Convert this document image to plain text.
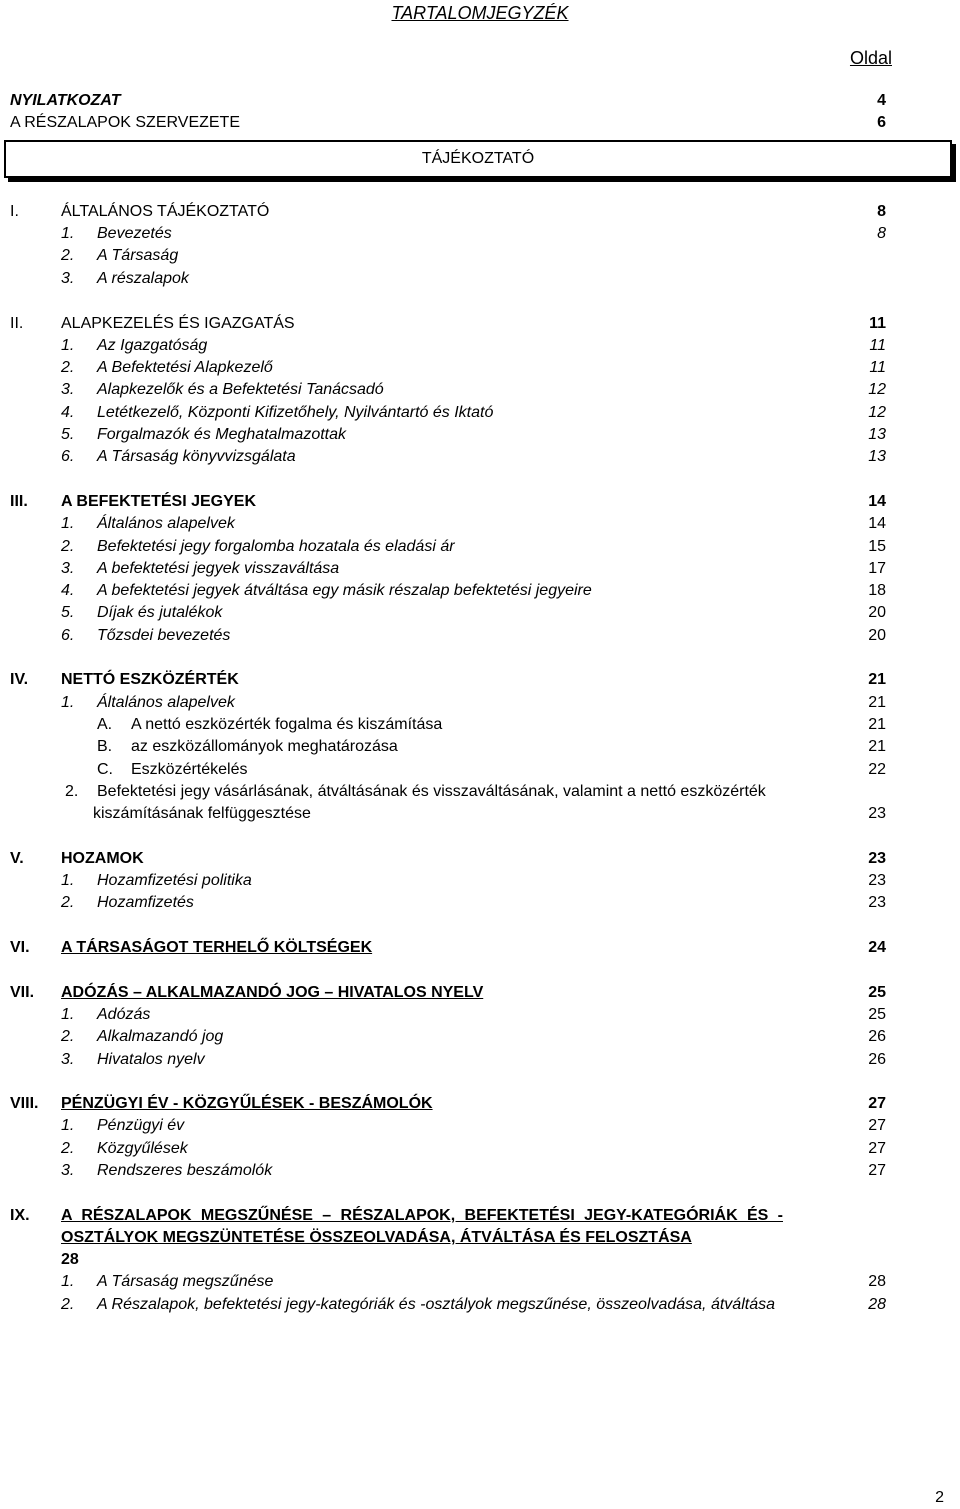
TARTALOMJEGYZÉK
Oldal
NYILATKOZAT	4
A RÉSZALAPOK SZERVEZETE	6
TÁJÉKOZTATÓ
I.	ÁLTALÁNOS TÁJÉKOZTATÓ	8
1. Bevezetés	8
2. A Társaság
3. A részalapok
II. ALAPKEZELÉS ÉS IGAZGATÁS	11
1. Az Igazgatóság	11
2. A Befektetési Alapkezelő	11
3. Alapkezelők és a Befektetési Tanácsadó	12
4. Letétkezelő, Központi Kifizetőhely, Nyilvántartó és Iktató	12
5. Forgalmazók és Meghatalmazottak	13
6. A Társaság könyvvizsgálata	13
III. A BEFEKTETÉSI JEGYEK	14
1. Általános alapelvek	14
2. Befektetési jegy forgalomba hozatala és eladási ár	15
3. A befektetési jegyek visszaváltása	17
4. A befektetési jegyek átváltása egy másik részalap befektetési jegyeire	18
5. Díjak és jutalékok	20
6. Tőzsdei bevezetés	20
IV. NETTÓ ESZKÖZÉRTÉK	21
1. Általános alapelvek	21
A. A nettó eszközérték fogalma és kiszámítása	21
B. az eszközállományok meghatározása	21
C. Eszközértékelés	22
2. Befektetési jegy vásárlásának, átváltásának és visszaváltásának, valamint a nettó eszközérték
kiszámításának felfüggesztése	23
V. HOZAMOK	23
1. Hozamfizetési politika	23
2. Hozamfizetés	23
VI. A TÁRSASÁGOT TERHELŐ KÖLTSÉGEK	24
VII. ADÓZÁS – ALKALMAZANDÓ JOG – HIVATALOS NYELV	25
1. Adózás	25
2. Alkalmazandó jog	26
3. Hivatalos nyelv	26
VIII. PÉNZÜGYI ÉV - KÖZGYŰLÉSEK - BESZÁMOLÓK	27
1. Pénzügyi év	27
2. Közgyűlések	27
3. Rendszeres beszámolók	27
IX. A RÉSZALAPOK MEGSZŰNÉSE – RÉSZALAPOK, BEFEKTETÉSI JEGY-KATEGÓRIÁK ÉS -
OSZTÁLYOK MEGSZÜNTETÉSE ÖSSZEOLVADÁSA, ÁTVÁLTÁSA ÉS FELOSZTÁSA
28
1. A Társaság megszűnése	28
2. A Részalapok, befektetési jegy-kategóriák és -osztályok megszűnése, összeolvadása, átváltása	28
2
